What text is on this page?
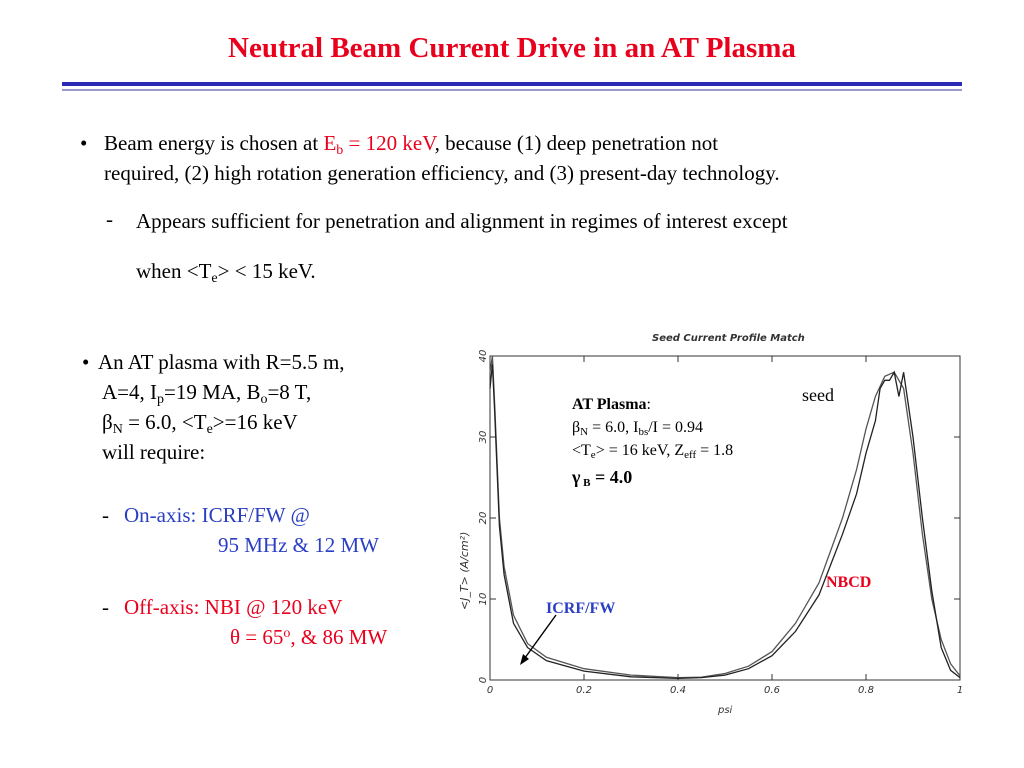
Neutral Beam Current Drive in an AT Plasma
• Beam energy is chosen at $E_b = 120$ keV, because (1) deep penetration not
required, (2) high rotation generation efficiency, and (3) present-day technology.
- Appears sufficient for penetration and alignment in regimes of interest except
when $<T_e> < 15$ keV.
• An AT plasma with R=5.5 m,
A=4, $I_p=19$ MA, $B_o=8$ T,
$\beta_N = 6.0$, $<T_e>=16$ keV
will require:
- On-axis: ICRF/FW @
95 MHz & 12 MW
- Off-axis: NBI @ 120 keV
$\theta = 65^o$, & 86 MW
Seed Current Profile Match
<J_T> (A/cm²)
psi
0	0.2	0.4	0.6	0.8	1
0
10
20
30
40
AT Plasma:
$\beta_N = 6.0$, $I_{bs}/I = 0.94$
$<T_e> = 16$ keV, $Z_{eff} = 1.8$
γ $_B$ = 4.0
seed
NBCD
ICRF/FW
